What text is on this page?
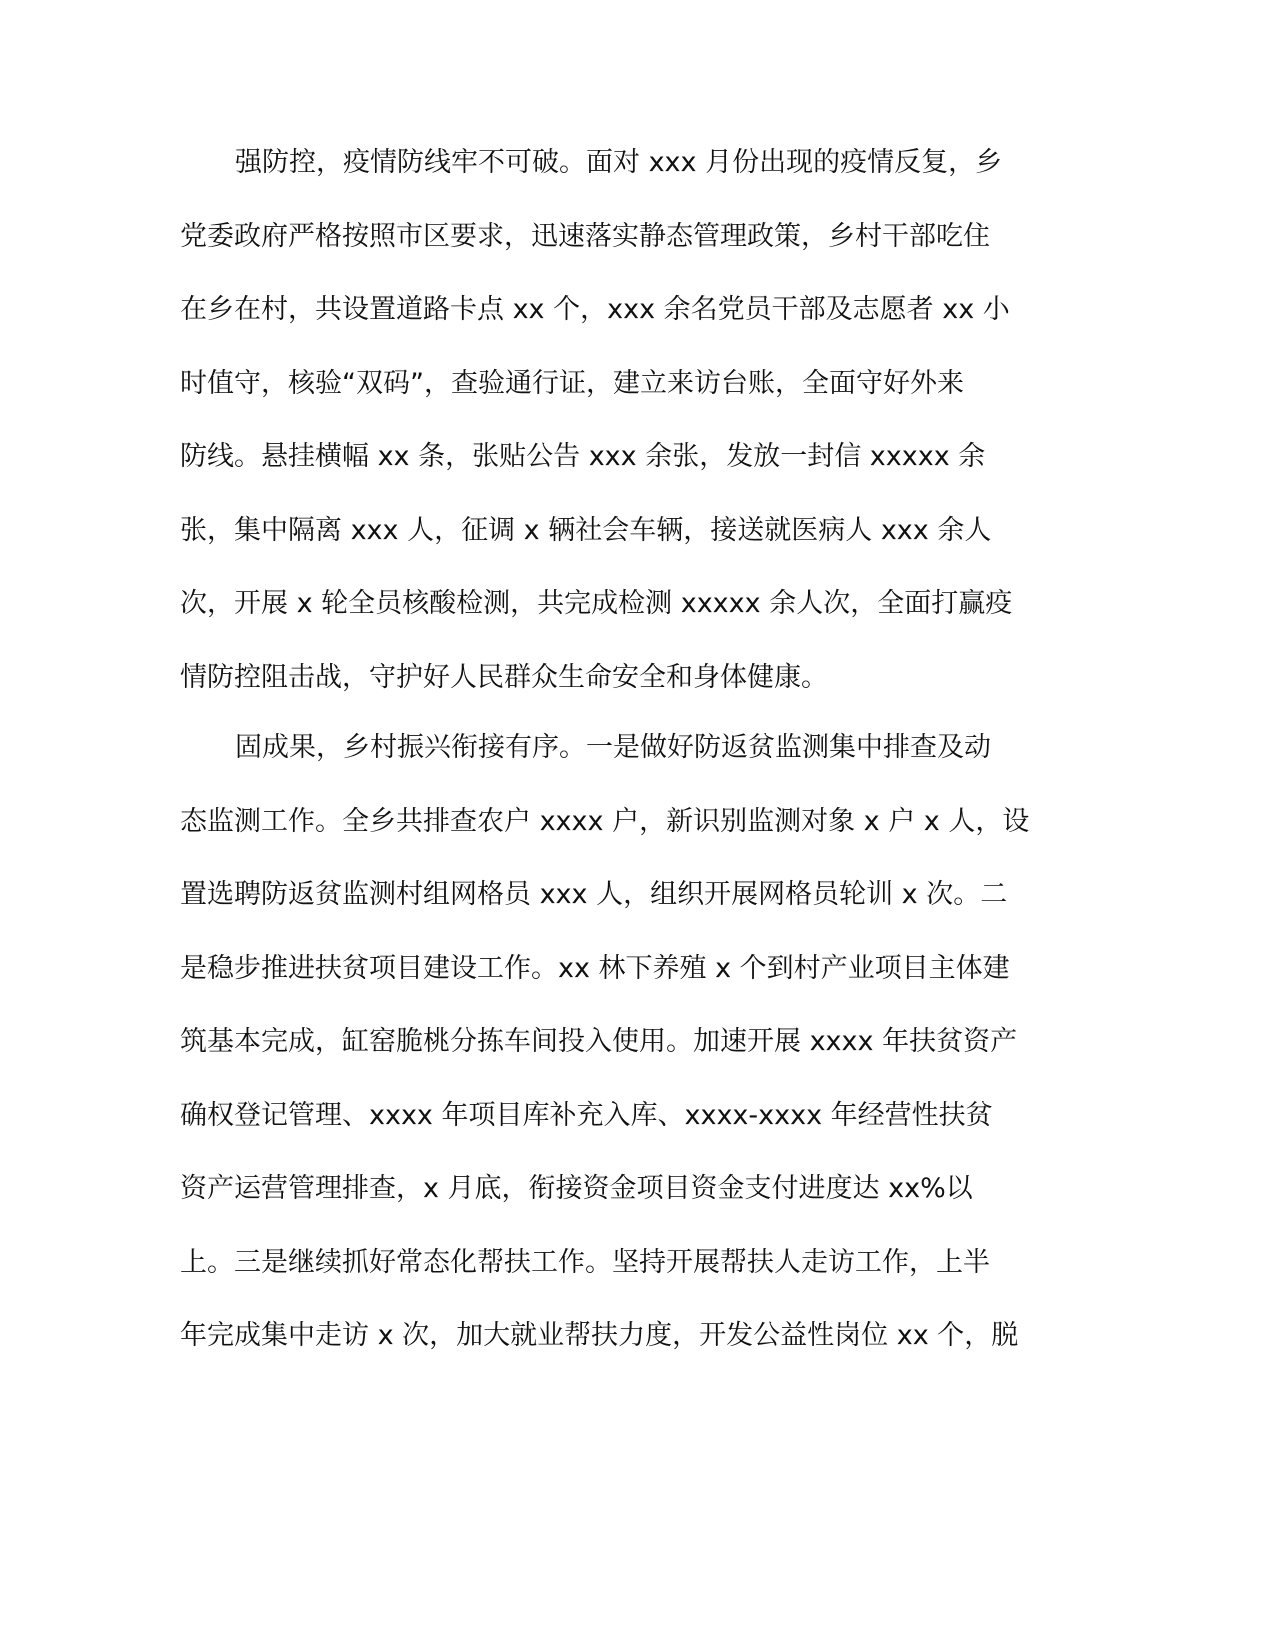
强防控，疫情防线牢不可破。面对 xxx 月份出现的疫情反复，乡
党委政府严格按照市区要求，迅速落实静态管理政策，乡村干部吃住
在乡在村，共设置道路卡点 xx 个，xxx 余名党员干部及志愿者 xx 小
时值守，核验“双码”，查验通行证，建立来访台账，全面守好外来
防线。悬挂横幅 xx 条，张贴公告 xxx 余张，发放一封信 xxxxx 余
张，集中隔离 xxx 人，征调 x 辆社会车辆，接送就医病人 xxx 余人
次，开展 x 轮全员核酸检测，共完成检测 xxxxx 余人次，全面打赢疫
情防控阻击战，守护好人民群众生命安全和身体健康。
固成果，乡村振兴衔接有序。一是做好防返贫监测集中排查及动
态监测工作。全乡共排查农户 xxxx 户，新识别监测对象 x 户 x 人，设
置选聘防返贫监测村组网格员 xxx 人，组织开展网格员轮训 x 次。二
是稳步推进扶贫项目建设工作。xx 林下养殖 x 个到村产业项目主体建
筑基本完成，缸窑脆桃分拣车间投入使用。加速开展 xxxx 年扶贫资产
确权登记管理、xxxx 年项目库补充入库、xxxx-xxxx 年经营性扶贫
资产运营管理排查，x 月底，衔接资金项目资金支付进度达 xx%以
上。三是继续抓好常态化帮扶工作。坚持开展帮扶人走访工作，上半
年完成集中走访 x 次，加大就业帮扶力度，开发公益性岗位 xx 个，脱
